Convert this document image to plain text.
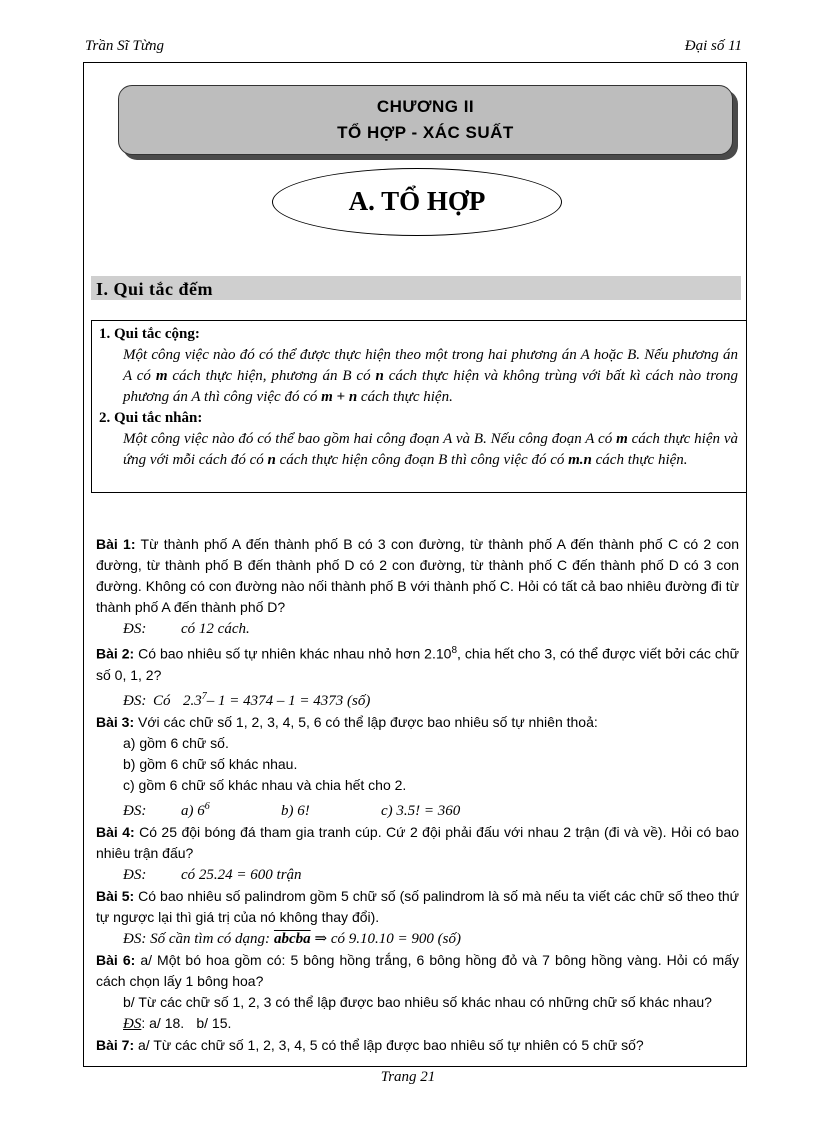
Trần Sĩ Từng	Đại số 11
CHƯƠNG II
TỔ HỢP - XÁC SUẤT
A. TỔ HỢP
I. Qui tắc đếm
1. Qui tắc cộng:
Một công việc nào đó có thể được thực hiện theo một trong hai phương án A hoặc B. Nếu phương án A có m cách thực hiện, phương án B có n cách thực hiện và không trùng với bất kì cách nào trong phương án A thì công việc đó có m + n cách thực hiện.
2. Qui tắc nhân:
Một công việc nào đó có thể bao gồm hai công đoạn A và B. Nếu công đoạn A có m cách thực hiện và ứng với mỗi cách đó có n cách thực hiện công đoạn B thì công việc đó có m.n cách thực hiện.
Bài 1: Từ thành phố A đến thành phố B có 3 con đường, từ thành phố A đến thành phố C có 2 con đường, từ thành phố B đến thành phố D có 2 con đường, từ thành phố C đến thành phố D có 3 con đường. Không có con đường nào nối thành phố B với thành phố C. Hỏi có tất cả bao nhiêu đường đi từ thành phố A đến thành phố D?
ĐS: có 12 cách.
Bài 2: Có bao nhiêu số tự nhiên khác nhau nhỏ hơn 2.10$^8$, chia hết cho 3, có thể được viết bởi các chữ số 0, 1, 2?
ĐS: Có $2.3^7-$ 1 = 4374 – 1 = 4373 (số)
Bài 3: Với các chữ số 1, 2, 3, 4, 5, 6 có thể lập được bao nhiêu số tự nhiên thoả:
a) gồm 6 chữ số.
b) gồm 6 chữ số khác nhau.
c) gồm 6 chữ số khác nhau và chia hết cho 2.
ĐS: a) $6^6$	b) 6!	c) 3.5! = 360
Bài 4: Có 25 đội bóng đá tham gia tranh cúp. Cứ 2 đội phải đấu với nhau 2 trận (đi và về). Hỏi có bao nhiêu trận đấu?
ĐS: có 25.24 = 600 trận
Bài 5: Có bao nhiêu số palindrom gồm 5 chữ số (số palindrom là số mà nếu ta viết các chữ số theo thứ tự ngược lại thì giá trị của nó không thay đổi).
ĐS: Số cần tìm có dạng: abcba ⇒ có 9.10.10 = 900 (số)
Bài 6: a/ Một bó hoa gồm có: 5 bông hồng trắng, 6 bông hồng đỏ và 7 bông hồng vàng. Hỏi có mấy cách chọn lấy 1 bông hoa?
b/ Từ các chữ số 1, 2, 3 có thể lập được bao nhiêu số khác nhau có những chữ số khác nhau?
ĐS: a/ 18. b/ 15.
Bài 7: a/ Từ các chữ số 1, 2, 3, 4, 5 có thể lập được bao nhiêu số tự nhiên có 5 chữ số?
Trang 21
